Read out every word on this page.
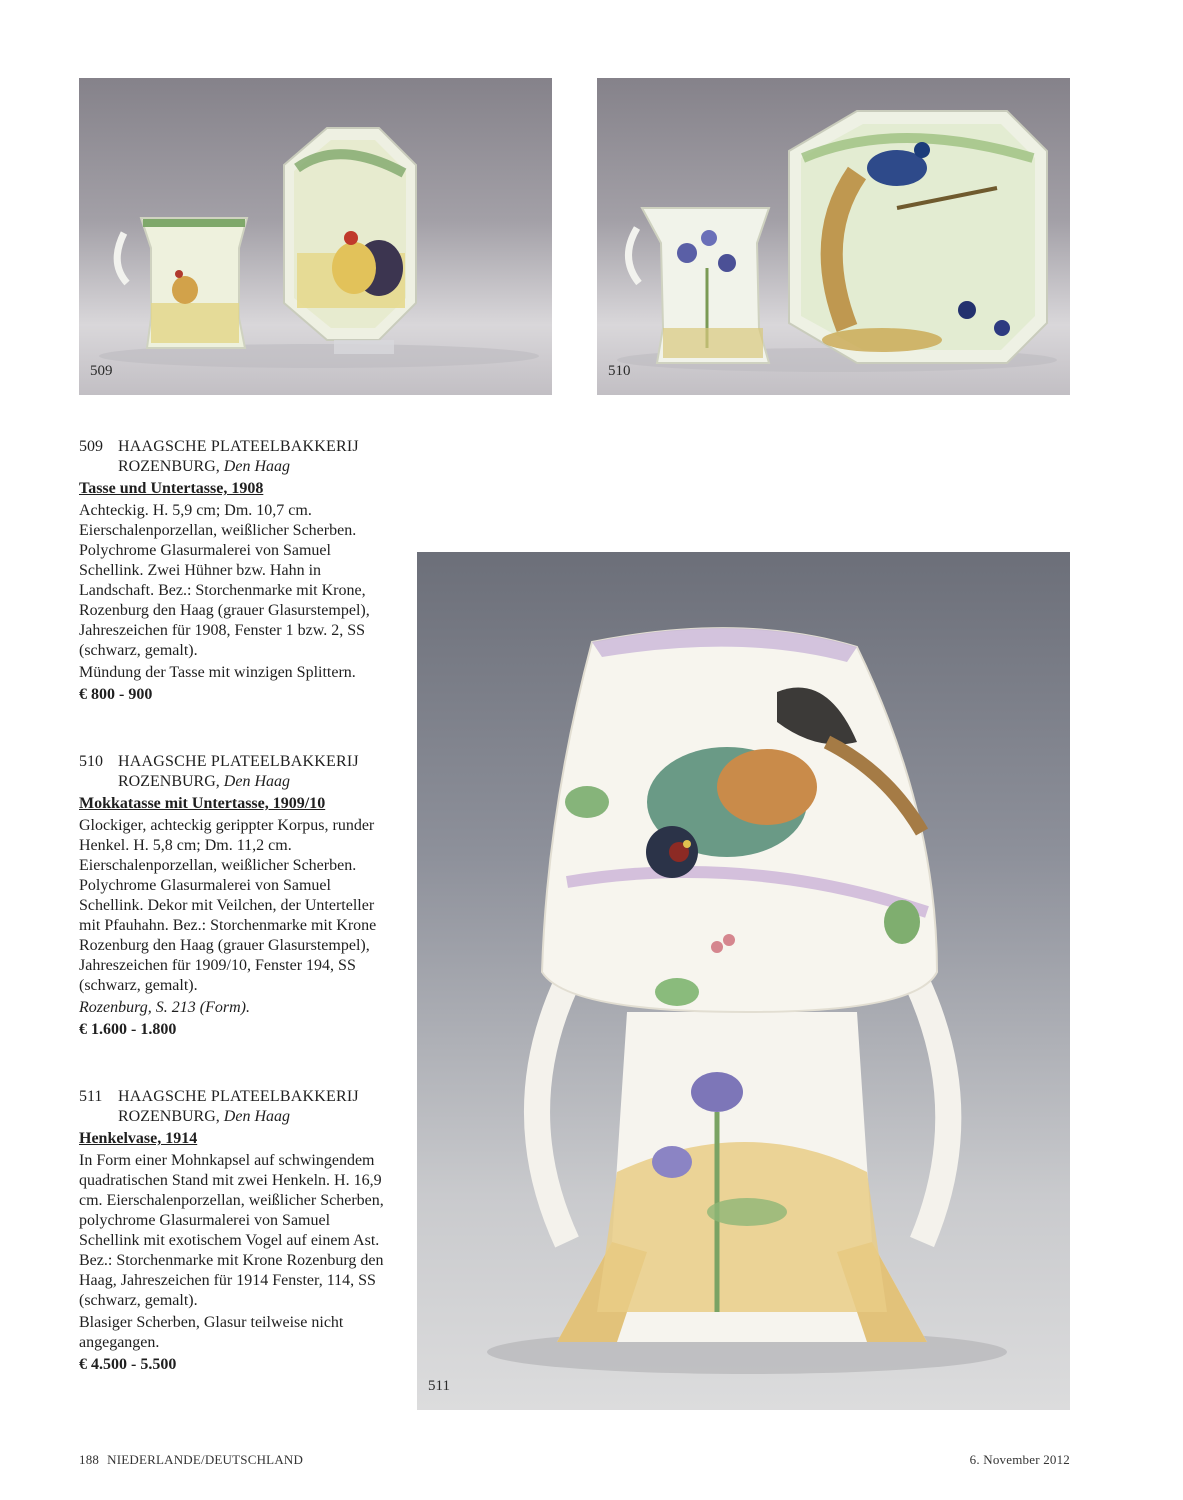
509	510
511
509 HAAGSCHE PLATEELBAKKERIJ
ROZENBURG, Den Haag
Tasse und Untertasse, 1908
Achteckig. H. 5,9 cm; Dm. 10,7 cm. Eierschalenporzellan, weißlicher Scherben. Polychrome Glasurmalerei von Samuel Schellink. Zwei Hühner bzw. Hahn in Landschaft. Bez.: Storchenmarke mit Krone, Rozenburg den Haag (grauer Glasurstempel), Jahreszeichen für 1908, Fenster 1 bzw. 2, SS (schwarz, gemalt).
Mündung der Tasse mit winzigen Splittern.
€ 800 - 900
510 HAAGSCHE PLATEELBAKKERIJ
ROZENBURG, Den Haag
Mokkatasse mit Untertasse, 1909/10
Glockiger, achteckig gerippter Korpus, runder Henkel. H. 5,8 cm; Dm. 11,2 cm. Eierschalenporzellan, weißlicher Scherben. Polychrome Glasurmalerei von Samuel Schellink. Dekor mit Veilchen, der Unterteller mit Pfauhahn. Bez.: Storchenmarke mit Krone Rozenburg den Haag (grauer Glasurstempel), Jahreszeichen für 1909/10, Fenster 194, SS (schwarz, gemalt).
Rozenburg, S. 213 (Form).
€ 1.600 - 1.800
511 HAAGSCHE PLATEELBAKKERIJ
ROZENBURG, Den Haag
Henkelvase, 1914
In Form einer Mohnkapsel auf schwingendem quadratischen Stand mit zwei Henkeln. H. 16,9 cm. Eierschalenporzellan, weißlicher Scherben, polychrome Glasurmalerei von Samuel Schellink mit exotischem Vogel auf einem Ast. Bez.: Storchenmarke mit Krone Rozenburg den Haag, Jahreszeichen für 1914 Fenster, 114, SS (schwarz, gemalt).
Blasiger Scherben, Glasur teilweise nicht angegangen.
€ 4.500 - 5.500
188 NIEDERLANDE/DEUTSCHLAND	6. November 2012
